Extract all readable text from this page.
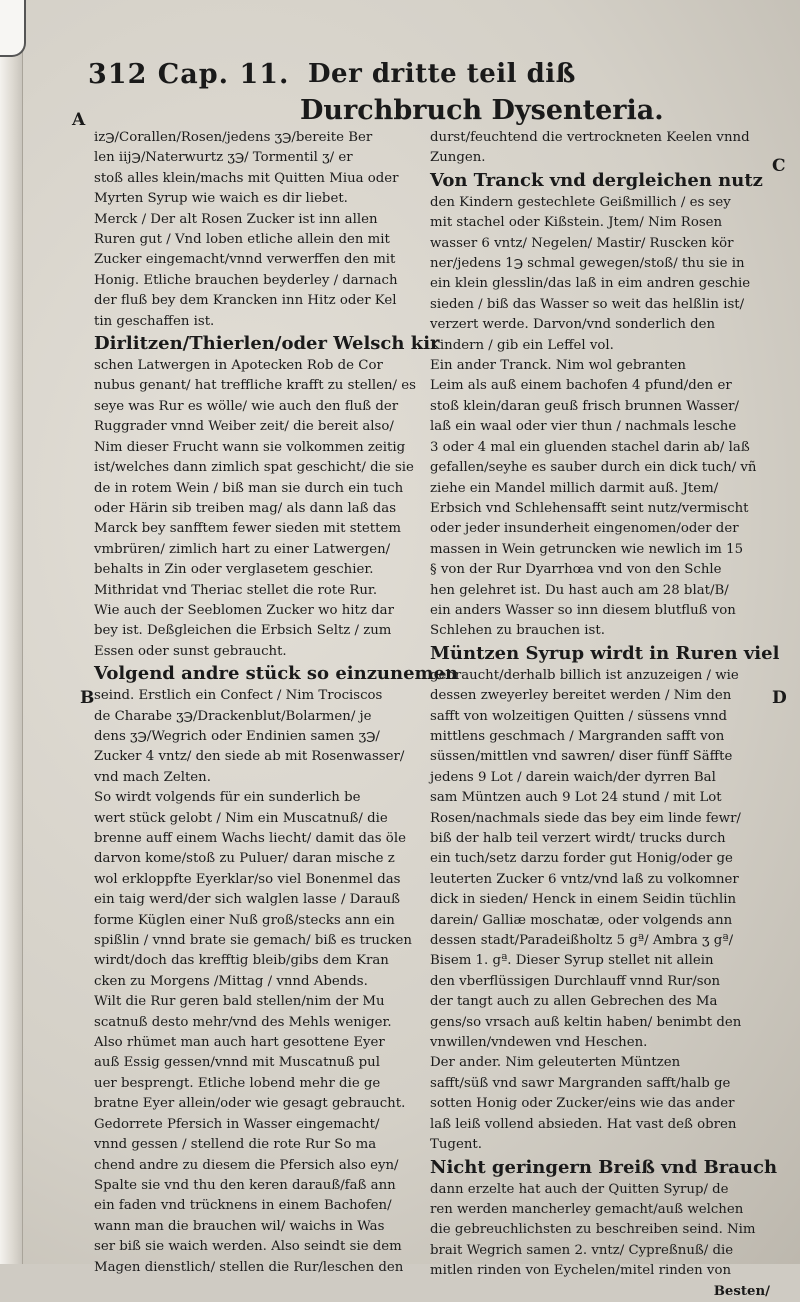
312 Cap. 11. Der dritte teil diß
Durchbruch Dysenteria.
A
B
C
D

iz℈/Corallen/Rosen/jedens ʒ℈/bereite Ber

len iij℈/Naterwurtz ʒ℈/ Tormentil ʒ/ er

stoß alles klein/machs mit Quitten Miua oder

Myrten Syrup wie waich es dir liebet.

Merck / Der alt Rosen Zucker ist inn allen

Ruren gut / Vnd loben etliche allein den mit

Zucker eingemacht/vnnd verwerffen den mit

Honig. Etliche brauchen beyderley / darnach

der fluß bey dem Krancken inn Hitz oder Kel

tin geschaffen ist.

Dirlitzen/Thierlen/oder Welsch kir

schen Latwergen in Apotecken Rob de Cor

nubus genant/ hat treffliche krafft zu stellen/ es

seye was Rur es wölle/ wie auch den fluß der

Ruggrader vnnd Weiber zeit/ die bereit also/

Nim dieser Frucht wann sie volkommen zeitig

ist/welches dann zimlich spat geschicht/ die sie

de in rotem Wein / biß man sie durch ein tuch

oder Härin sib treiben mag/ als dann laß das

Marck bey sanfftem fewer sieden mit stettem

vmbrüren/ zimlich hart zu einer Latwergen/

behalts in Zin oder verglasetem geschier.

Mithridat vnd Theriac stellet die rote Rur.

Wie auch der Seeblomen Zucker wo hitz dar

bey ist. Deßgleichen die Erbsich Seltz / zum

Essen oder sunst gebraucht.

Volgend andre stück so einzunemen

seind. Erstlich ein Confect / Nim Trociscos

de Charabe ʒ℈/Drackenblut/Bolarmen/ je

dens ʒ℈/Wegrich oder Endinien samen ʒ℈/

Zucker 4 vntz/ den siede ab mit Rosenwasser/

vnd mach Zelten.

So wirdt volgends für ein sunderlich be

wert stück gelobt / Nim ein Muscatnuß/ die

brenne auff einem Wachs liecht/ damit das öle

darvon kome/stoß zu Puluer/ daran mische z

wol erkloppfte Eyerklar/so viel Bonenmel das

ein taig werd/der sich walglen lasse / Darauß

forme Küglen einer Nuß groß/stecks ann ein

spißlin / vnnd brate sie gemach/ biß es trucken

wirdt/doch das krefftig bleib/gibs dem Kran

cken zu Morgens /Mittag / vnnd Abends.

Wilt die Rur geren bald stellen/nim der Mu

scatnuß desto mehr/vnd des Mehls weniger.

Also rhümet man auch hart gesottene Eyer

auß Essig gessen/vnnd mit Muscatnuß pul

uer besprengt. Etliche lobend mehr die ge

bratne Eyer allein/oder wie gesagt gebraucht.

Gedorrete Pfersich in Wasser eingemacht/

vnnd gessen / stellend die rote Rur So ma

chend andre zu diesem die Pfersich also eyn/

Spalte sie vnd thu den keren darauß/faß ann

ein faden vnd trücknens in einem Bachofen/

wann man die brauchen wil/ waichs in Was

ser biß sie waich werden. Also seindt sie dem

Magen dienstlich/ stellen die Rur/leschen den

durst/feuchtend die vertrockneten Keelen vnnd

Zungen.

Von Tranck vnd dergleichen nutz

den Kindern gestechlete Geißmillich / es sey

mit stachel oder Kißstein. Jtem/ Nim Rosen

wasser 6 vntz/ Negelen/ Mastir/ Ruscken kör

ner/jedens 1℈ schmal gewegen/stoß/ thu sie in

ein klein glesslin/das laß in eim andren geschie

sieden / biß das Wasser so weit das helßlin ist/

verzert werde. Darvon/vnd sonderlich den

Kindern / gib ein Leffel vol.

Ein ander Tranck. Nim wol gebranten

Leim als auß einem bachofen 4 pfund/den er

stoß klein/daran geuß frisch brunnen Wasser/

laß ein waal oder vier thun / nachmals lesche

3 oder 4 mal ein gluenden stachel darin ab/ laß

gefallen/seyhe es sauber durch ein dick tuch/ vñ

ziehe ein Mandel millich darmit auß. Jtem/

Erbsich vnd Schlehensafft seint nutz/vermischt

oder jeder insunderheit eingenomen/oder der

massen in Wein getruncken wie newlich im 15

§ von der Rur Dyarrhœa vnd von den Schle

hen gelehret ist. Du hast auch am 28 blat/B/

ein anders Wasser so inn diesem blutfluß von

Schlehen zu brauchen ist.

Müntzen Syrup wirdt in Ruren viel

gebraucht/derhalb billich ist anzuzeigen / wie

dessen zweyerley bereitet werden / Nim den

safft von wolzeitigen Quitten / süssens vnnd

mittlens geschmach / Margranden safft von

süssen/mittlen vnd sawren/ diser fünff Säffte

jedens 9 Lot / darein waich/der dyrren Bal

sam Müntzen auch 9 Lot 24 stund / mit Lot

Rosen/nachmals siede das bey eim linde fewr/

biß der halb teil verzert wirdt/ trucks durch

ein tuch/setz darzu forder gut Honig/oder ge

leuterten Zucker 6 vntz/vnd laß zu volkomner

dick in sieden/ Henck in einem Seidin tüchlin

darein/ Galliæ moschatæ, oder volgends ann

dessen stadt/Paradeißholtz 5 gª/ Ambra ʒ gª/

Bisem 1. gª. Dieser Syrup stellet nit allein

den vberflüssigen Durchlauff vnnd Rur/son

der tangt auch zu allen Gebrechen des Ma

gens/so vrsach auß keltin haben/ benimbt den

vnwillen/vndewen vnd Heschen.

Der ander. Nim geleuterten Müntzen

safft/süß vnd sawr Margranden safft/halb ge

sotten Honig oder Zucker/eins wie das ander

laß leiß vollend absieden. Hat vast deß obren

Tugent.

Nicht geringern Breiß vnd Brauch

dann erzelte hat auch der Quitten Syrup/ de

ren werden mancherley gemacht/auß welchen

die gebreuchlichsten zu beschreiben seind. Nim

brait Wegrich samen 2. vntz/ Cypreßnuß/ die

mitlen rinden von Eychelen/mitel rinden von

Besten/
